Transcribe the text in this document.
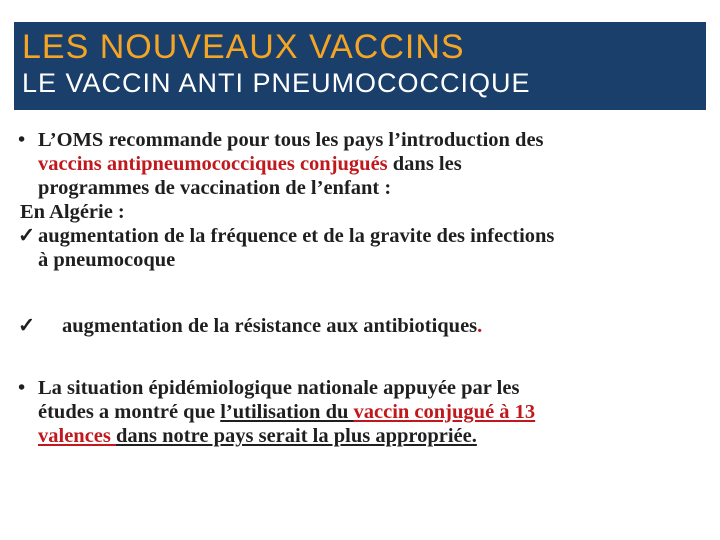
LES NOUVEAUX VACCINS
LE VACCIN ANTI PNEUMOCOCCIQUE
• L’OMS recommande pour tous les pays l’introduction des
vaccins antipneumococciques conjugués dans les
programmes de vaccination de l’enfant :
En Algérie :
✓ augmentation de la fréquence et de la gravite des infections
à pneumocoque
✓	augmentation de la résistance aux antibiotiques.
• La situation épidémiologique nationale appuyée par les
études a montré que l’utilisation du vaccin conjugué à 13
valences dans notre pays serait la plus appropriée.
